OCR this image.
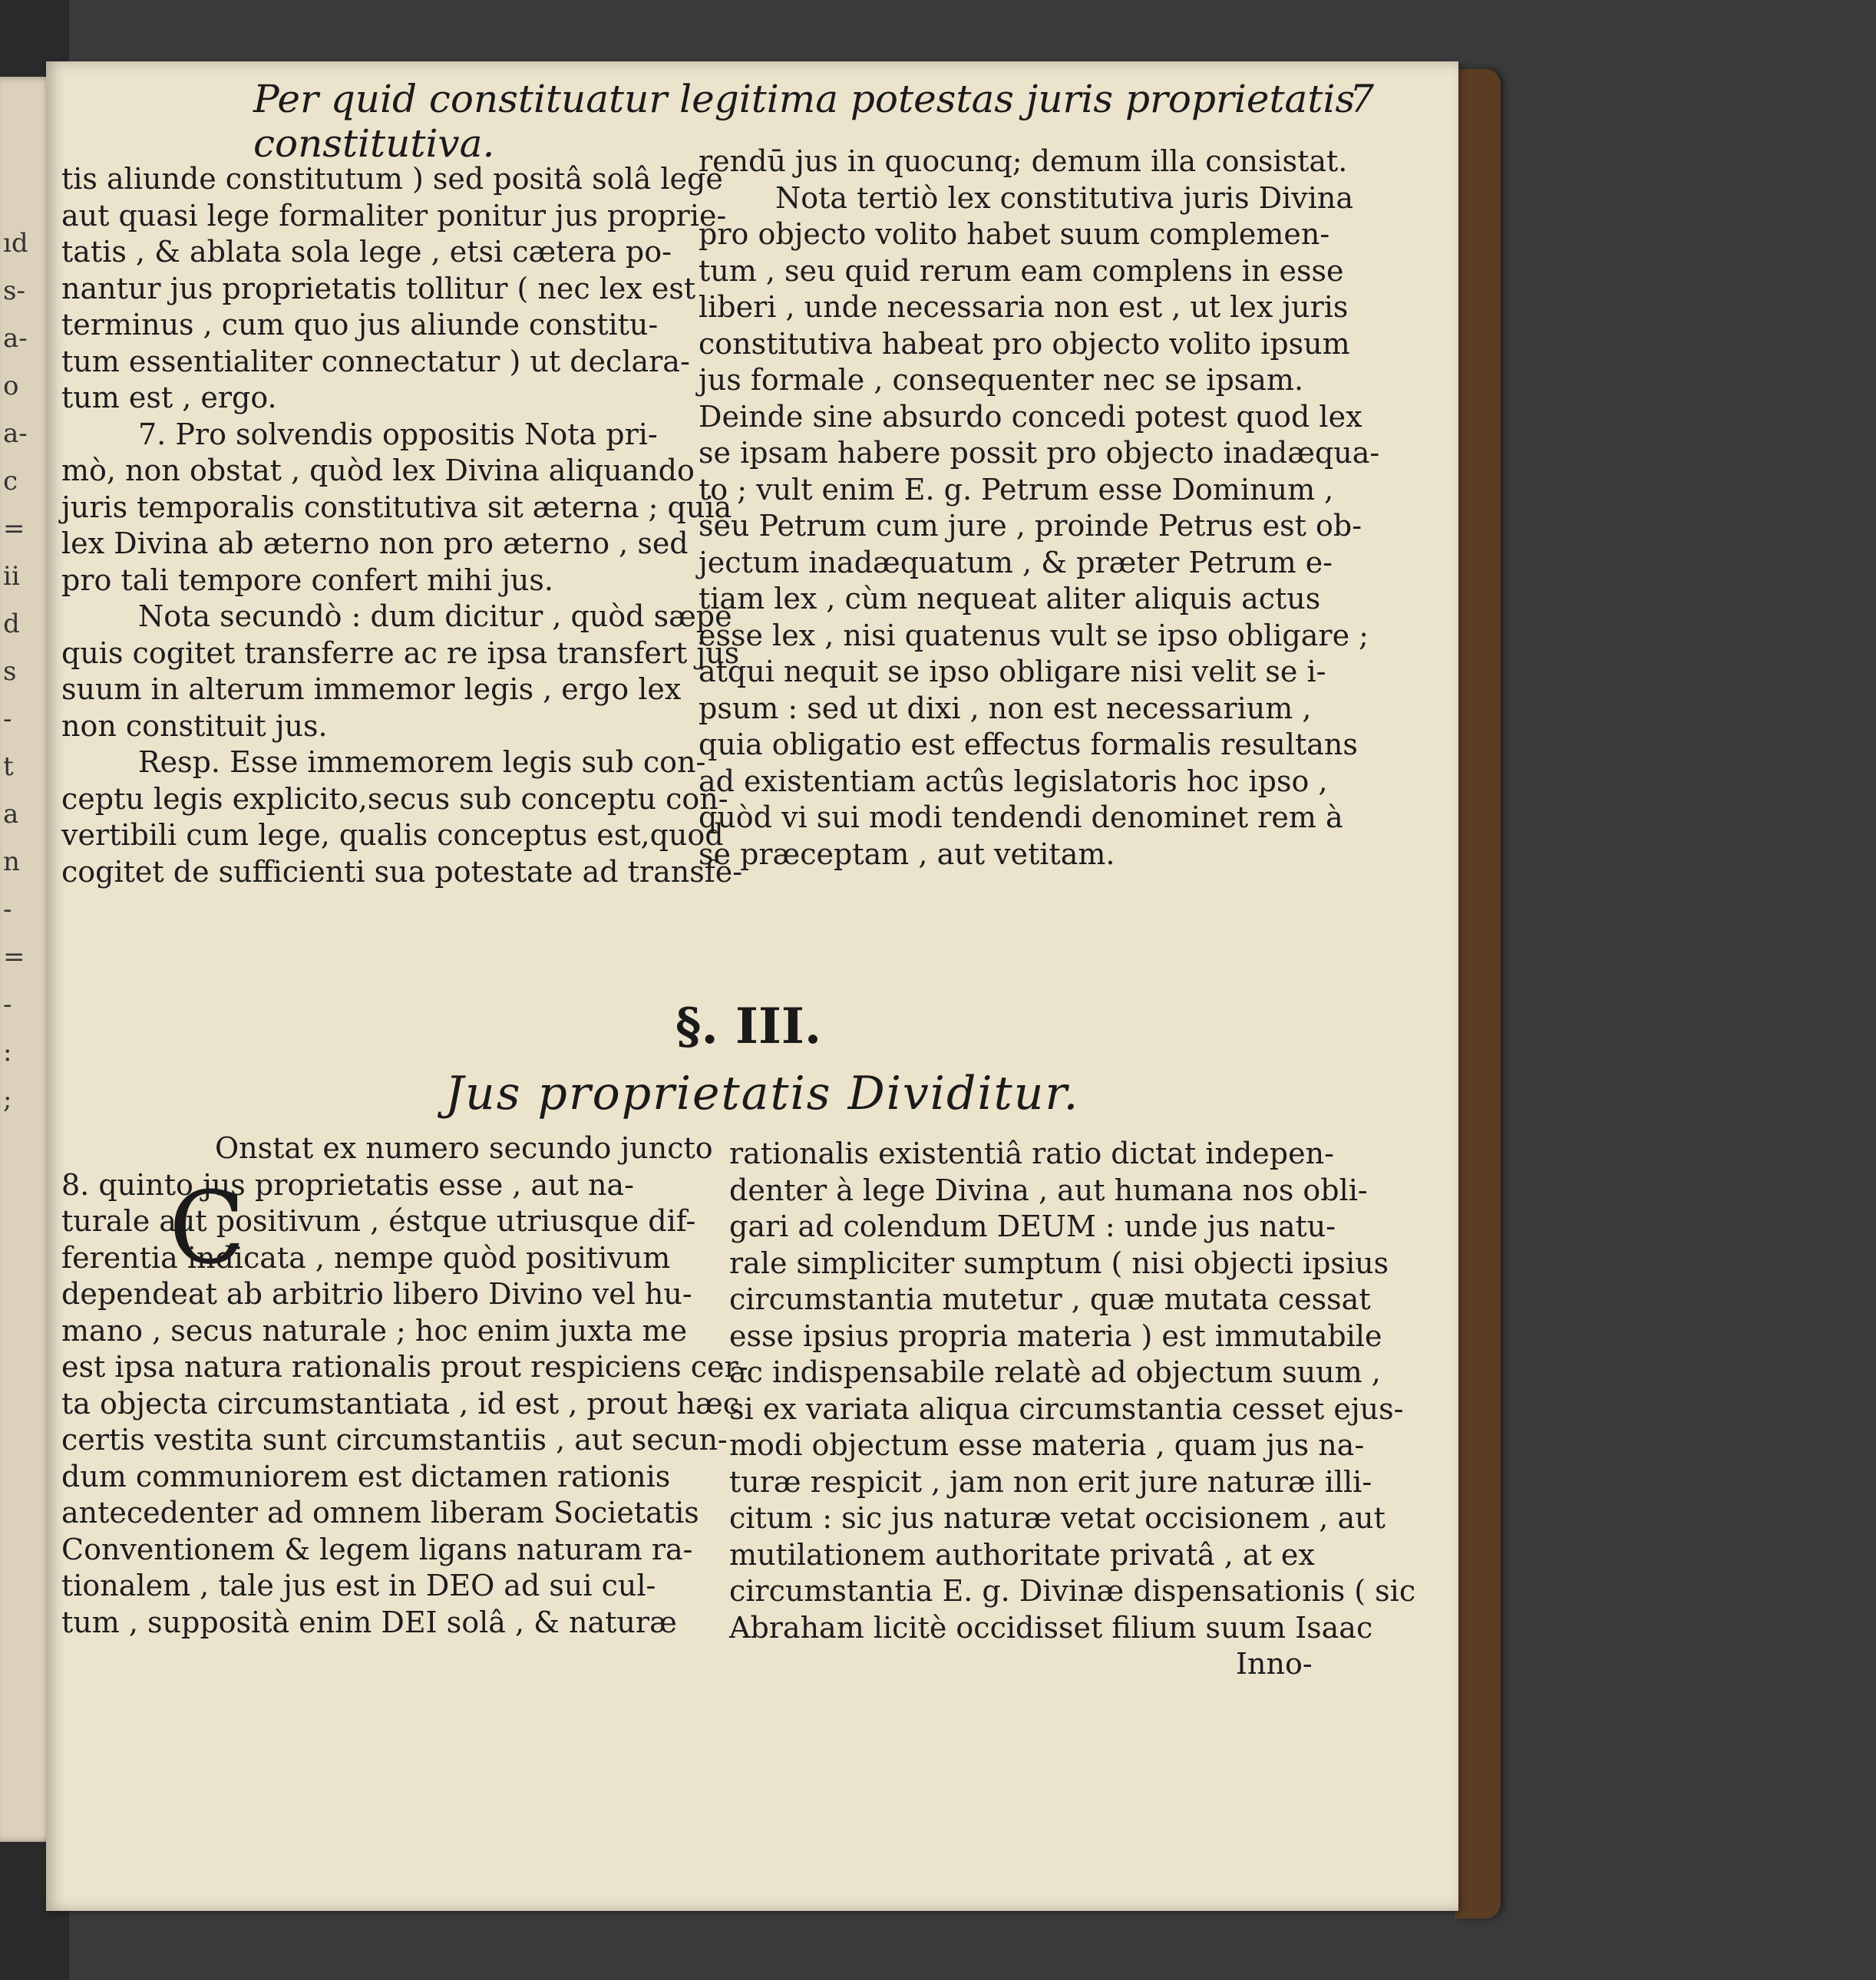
ıd
s-
a-
o
a-
c
=
ii
d
s
-
t
a
n
-
=
-
:
;
Per quid constituatur legitima potestas juris proprietatis constitutiva.
7
tis aliunde constitutum ) sed positâ solâ lege
aut quasi lege formaliter ponitur jus proprie-
tatis , & ablata sola lege , etsi cætera po-
nantur jus proprietatis tollitur ( nec lex est
terminus , cum quo jus aliunde constitu-
tum essentialiter connectatur ) ut declara-
tum est , ergo.
7. Pro solvendis oppositis Nota pri-
mò, non obstat , quòd lex Divina aliquando
juris temporalis constitutiva sit æterna ; quia
lex Divina ab æterno non pro æterno , sed
pro tali tempore confert mihi jus.
Nota secundò : dum dicitur , quòd sæpe
quis cogitet transferre ac re ipsa transfert jus
suum in alterum immemor legis , ergo lex
non constituit jus.
Resp. Esse immemorem legis sub con-
ceptu legis explicito,secus sub conceptu con-
vertibili cum lege, qualis conceptus est,quod
cogitet de sufficienti sua potestate ad transfe-
rendū jus in quocunq; demum illa consistat.
Nota tertiò lex constitutiva juris Divina
pro objecto volito habet suum complemen-
tum , seu quid rerum eam complens in esse
liberi , unde necessaria non est , ut lex juris
constitutiva habeat pro objecto volito ipsum
jus formale , consequenter nec se ipsam.
Deinde sine absurdo concedi potest quod lex
se ipsam habere possit pro objecto inadæqua-
to ; vult enim E. g. Petrum esse Dominum ,
seu Petrum cum jure , proinde Petrus est ob-
jectum inadæquatum , & præter Petrum e-
tiam lex , cùm nequeat aliter aliquis actus
esse lex , nisi quatenus vult se ipso obligare ;
atqui nequit se ipso obligare nisi velit se i-
psum : sed ut dixi , non est necessarium ,
quia obligatio est effectus formalis resultans
ad existentiam actûs legislatoris hoc ipso ,
quòd vi sui modi tendendi denominet rem à
se præceptam , aut vetitam.
§. III.
Jus proprietatis Dividitur.
C
Onstat ex numero secundo juncto
8. quinto jus proprietatis esse , aut na-
turale aut positivum , éstque utriusque dif-
ferentia indicata , nempe quòd positivum
dependeat ab arbitrio libero Divino vel hu-
mano , secus naturale ; hoc enim juxta me
est ipsa natura rationalis prout respiciens cer-
ta objecta circumstantiata , id est , prout hæc
certis vestita sunt circumstantiis , aut secun-
dum communiorem est dictamen rationis
antecedenter ad omnem liberam Societatis
Conventionem & legem ligans naturam ra-
tionalem , tale jus est in DEO ad sui cul-
tum , supposità enim DEI solâ , & naturæ
rationalis existentiâ ratio dictat indepen-
denter à lege Divina , aut humana nos obli-
gari ad colendum DEUM : unde jus natu-
rale simpliciter sumptum ( nisi objecti ipsius
circumstantia mutetur , quæ mutata cessat
esse ipsius propria materia ) est immutabile
ac indispensabile relatè ad objectum suum ,
si ex variata aliqua circumstantia cesset ejus-
modi objectum esse materia , quam jus na-
turæ respicit , jam non erit jure naturæ illi-
citum : sic jus naturæ vetat occisionem , aut
mutilationem authoritate privatâ , at ex
circumstantia E. g. Divinæ dispensationis ( sic
Abraham licitè occidisset filium suum Isaac
Inno-
